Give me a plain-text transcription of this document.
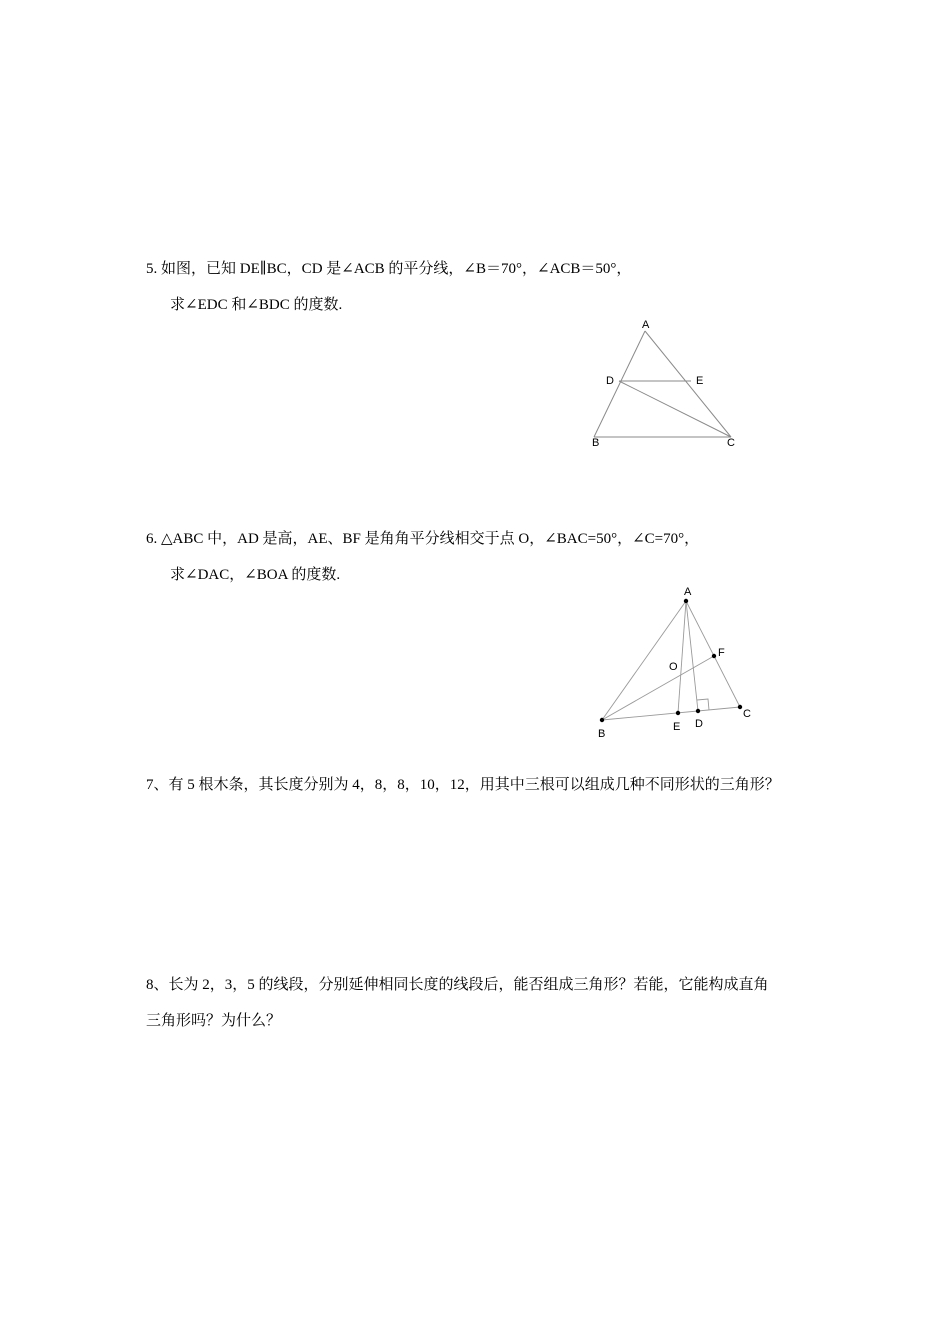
5. 如图，已知 DE∥BC，CD 是∠ACB 的平分线，∠B＝70°，∠ACB＝50°，
求∠EDC 和∠BDC 的度数.
A
D	E
B	C
6. △ABC 中，AD 是高，AE、BF 是角角平分线相交于点 O，∠BAC=50°，∠C=70°，
求∠DAC，∠BOA 的度数.
A
F
O
C
B
E D
7、有 5 根木条，其长度分别为 4，8，8，10，12，用其中三根可以组成几种不同形状的三角形？
8、长为 2，3，5 的线段，分别延伸相同长度的线段后，能否组成三角形？若能，它能构成直角
三角形吗？为什么？
